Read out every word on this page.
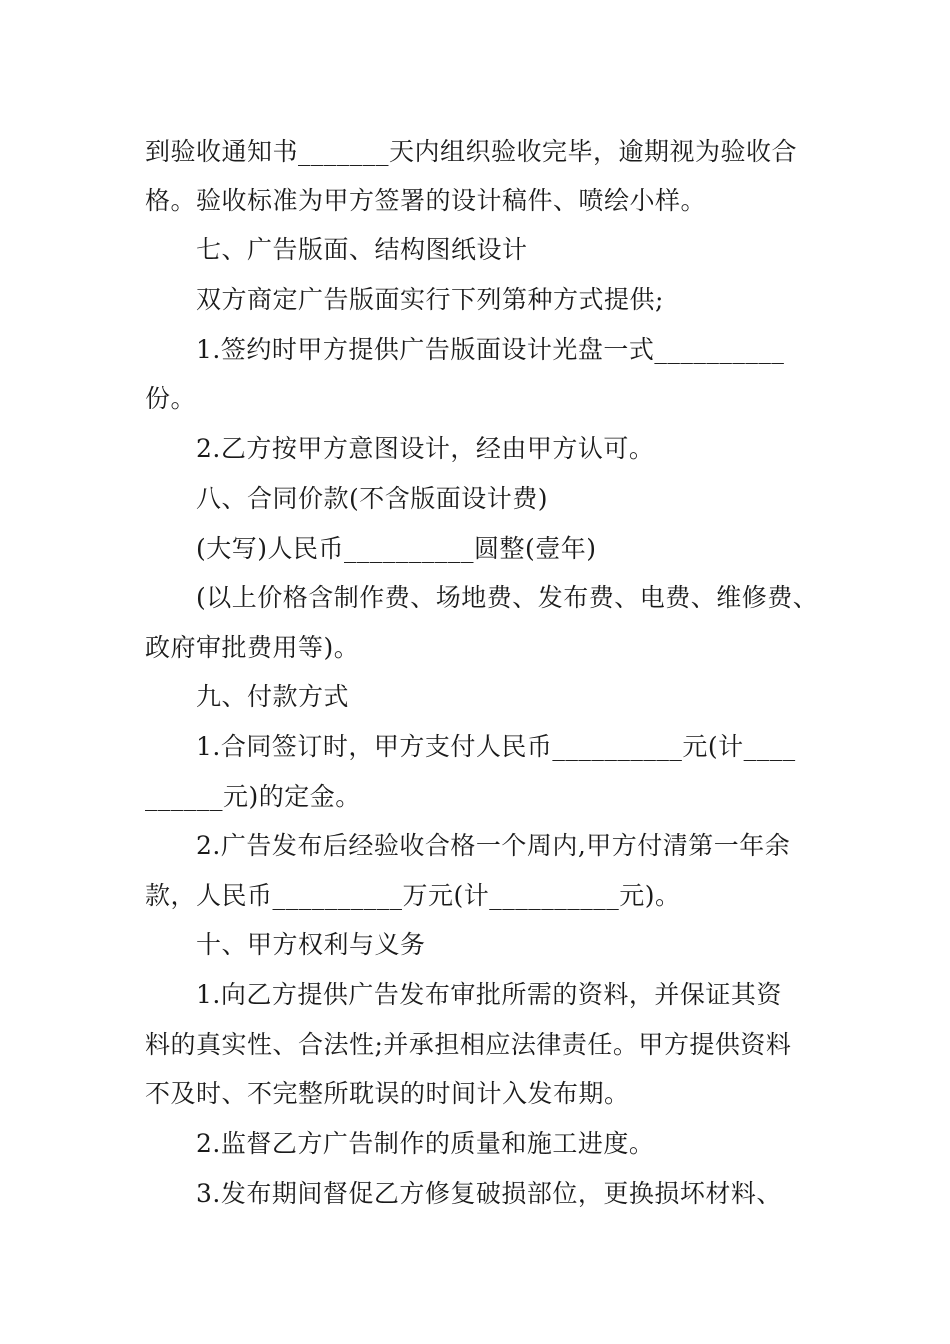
到验收通知书_______天内组织验收完毕，逾期视为验收合
格。验收标准为甲方签署的设计稿件、喷绘小样。
七、广告版面、结构图纸设计
双方商定广告版面实行下列第种方式提供;
1.签约时甲方提供广告版面设计光盘一式__________
份。
2.乙方按甲方意图设计，经由甲方认可。
八、合同价款(不含版面设计费)
(大写)人民币__________圆整(壹年)
(以上价格含制作费、场地费、发布费、电费、维修费、
政府审批费用等)。
九、付款方式
1.合同签订时，甲方支付人民币__________元(计____
______元)的定金。
2.广告发布后经验收合格一个周内,甲方付清第一年余
款，人民币__________万元(计__________元)。
十、甲方权利与义务
1.向乙方提供广告发布审批所需的资料，并保证其资
料的真实性、合法性;并承担相应法律责任。甲方提供资料
不及时、不完整所耽误的时间计入发布期。
2.监督乙方广告制作的质量和施工进度。
3.发布期间督促乙方修复破损部位，更换损坏材料、
